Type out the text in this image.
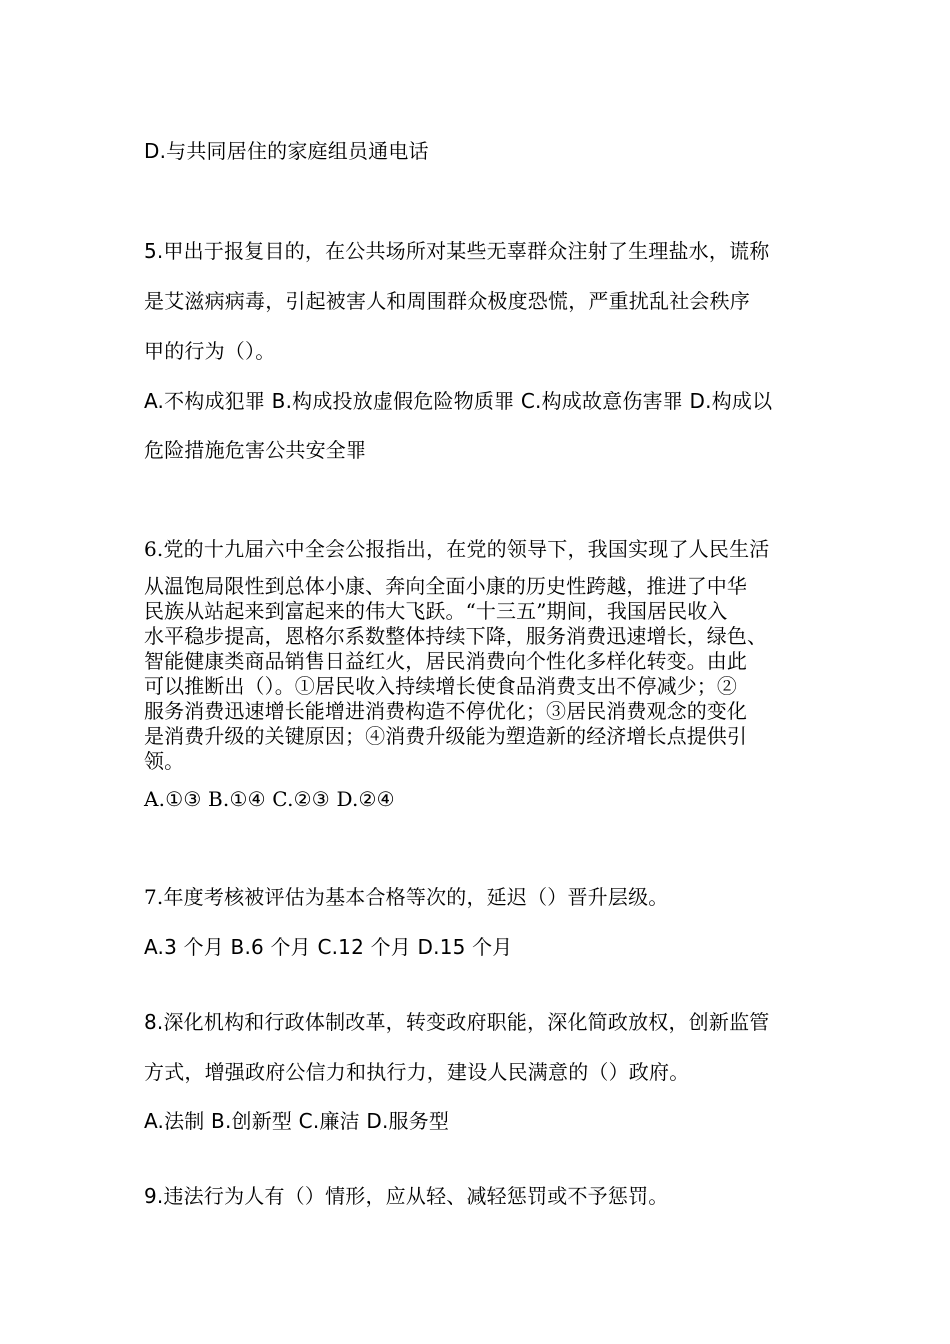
D.与共同居住的家庭组员通电话
5.甲出于报复目的，在公共场所对某些无辜群众注射了生理盐水，谎称
是艾滋病病毒，引起被害人和周围群众极度恐慌，严重扰乱社会秩序
甲的行为（）。
A.不构成犯罪 B.构成投放虚假危险物质罪 C.构成故意伤害罪 D.构成以
危险措施危害公共安全罪
6.党的十九届六中全会公报指出，在党的领导下，我国实现了人民生活
从温饱局限性到总体小康、奔向全面小康的历史性跨越，推进了中华
民族从站起来到富起来的伟大飞跃。“十三五”期间，我国居民收入
水平稳步提高，恩格尔系数整体持续下降，服务消费迅速增长，绿色、
智能健康类商品销售日益红火，居民消费向个性化多样化转变。由此
可以推断出（）。①居民收入持续增长使食品消费支出不停减少；②
服务消费迅速增长能增进消费构造不停优化；③居民消费观念的变化
是消费升级的关键原因；④消费升级能为塑造新的经济增长点提供引
领。
A.①③ B.①④ C.②③ D.②④
7.年度考核被评估为基本合格等次的，延迟（）晋升层级。
A.3 个月 B.6 个月 C.12 个月 D.15 个月
8.深化机构和行政体制改革，转变政府职能，深化简政放权，创新监管
方式，增强政府公信力和执行力，建设人民满意的（）政府。
A.法制 B.创新型 C.廉洁 D.服务型
9.违法行为人有（）情形，应从轻、减轻惩罚或不予惩罚。
